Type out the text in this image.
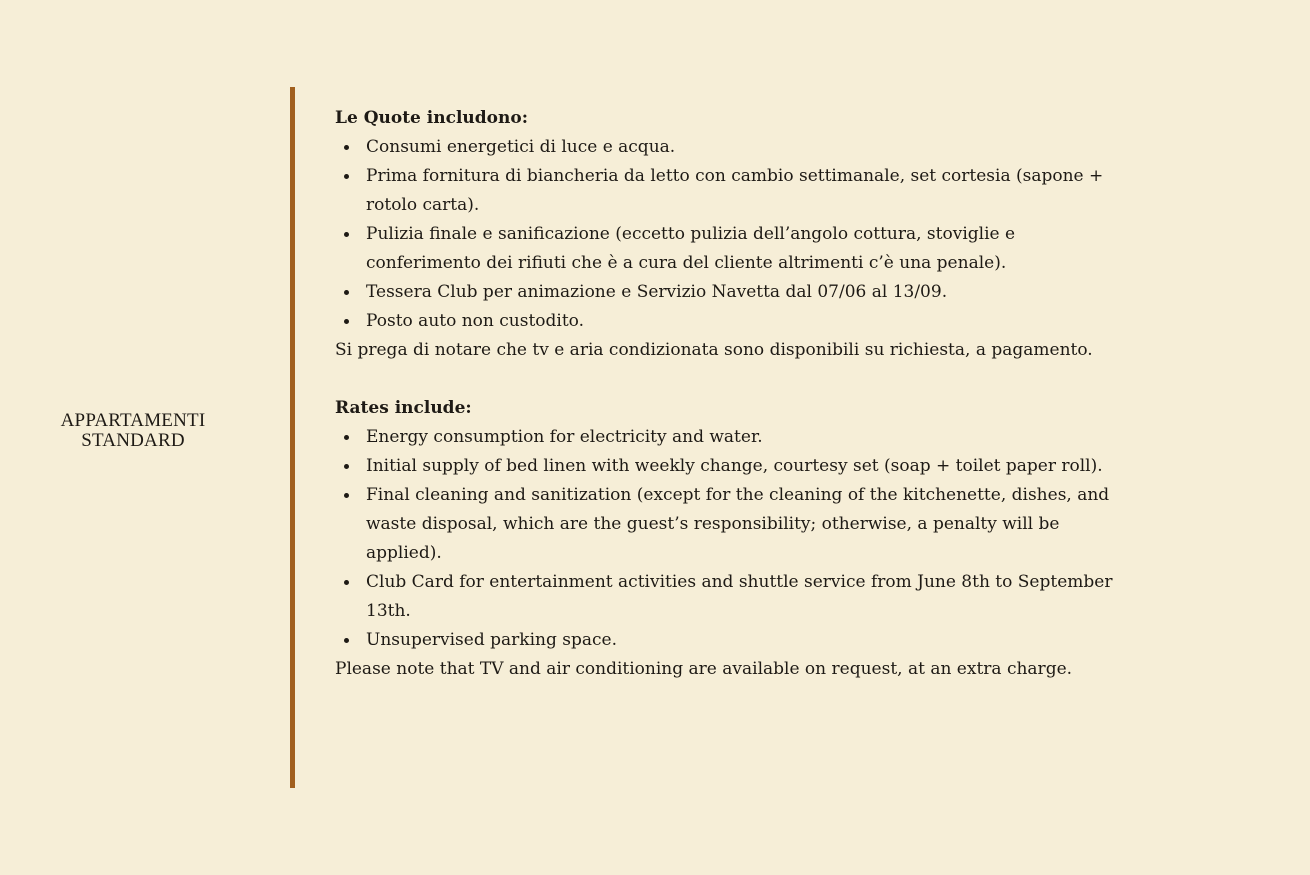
APPARTAMENTI
STANDARD

Le Quote includono:

Consumi energetici di luce e acqua.
Prima fornitura di biancheria da letto con cambio settimanale, set cortesia (sapone + rotolo carta).
Pulizia finale e sanificazione (eccetto pulizia dell’angolo cottura, stoviglie e conferimento dei rifiuti che è a cura del cliente altrimenti c’è una penale).
Tessera Club per animazione e Servizio Navetta dal 07/06 al 13/09.
Posto auto non custodito.

Si prega di notare che tv e aria condizionata sono disponibili su richiesta, a pagamento.

Rates include:

Energy consumption for electricity and water.
Initial supply of bed linen with weekly change, courtesy set (soap + toilet paper roll).
Final cleaning and sanitization (except for the cleaning of the kitchenette, dishes, and waste disposal, which are the guest’s responsibility; otherwise, a penalty will be applied).
Club Card for entertainment activities and shuttle service from June 8th to September 13th.
Unsupervised parking space.

Please note that TV and air conditioning are available on request, at an extra charge.
